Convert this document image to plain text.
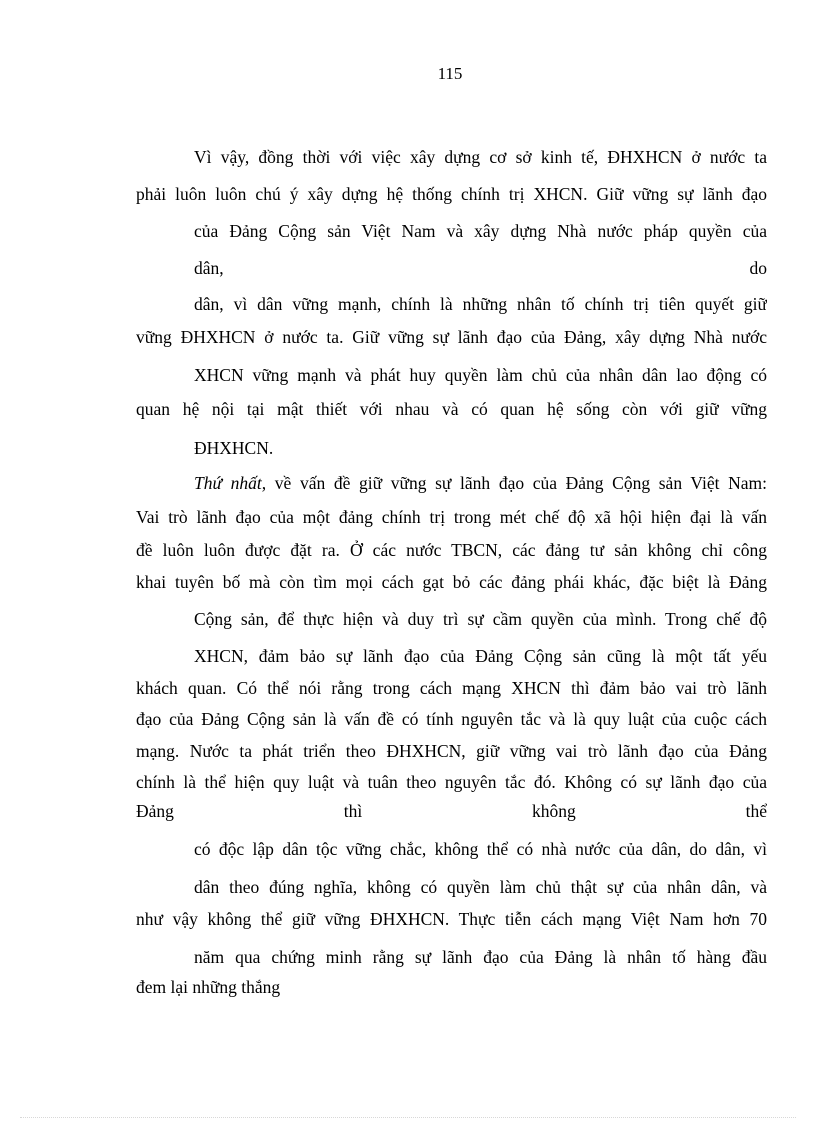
115

Vì vậy, đồng thời với việc xây dựng cơ sở kinh tế, ĐHXHCN ở nước ta

phải luôn luôn chú ý xây dựng hệ thống chính trị XHCN. Giữ vững sự lãnh đạo

của Đảng Cộng sản Việt Nam và xây dựng Nhà nước pháp quyền của

dân,	do

dân, vì dân vững mạnh, chính là những nhân tố chính trị tiên quyết giữ

vững ĐHXHCN ở nước ta. Giữ vững sự lãnh đạo của Đảng, xây dựng Nhà nước

XHCN vững mạnh và phát huy quyền làm chủ của nhân dân lao động có

quan hệ nội tại mật thiết với nhau và có quan hệ sống còn với giữ vững

ĐHXHCN.

Thứ nhất, về vấn đề giữ vững sự lãnh đạo của Đảng Cộng sản Việt Nam:

Vai trò lãnh đạo của một đảng chính trị trong mét chế độ xã hội hiện đại là vấn

đề luôn luôn được đặt ra. Ở các nước TBCN, các đảng tư sản không chỉ công

khai tuyên bố mà còn tìm mọi cách gạt bỏ các đảng phái khác, đặc biệt là Đảng

Cộng sản, để thực hiện và duy trì sự cầm quyền của mình. Trong chế độ

XHCN, đảm bảo sự lãnh đạo của Đảng Cộng sản cũng là một tất yếu

khách quan. Có thể nói rằng trong cách mạng XHCN thì đảm bảo vai trò lãnh

đạo của Đảng Cộng sản là vấn đề có tính nguyên tắc và là quy luật của cuộc cách

mạng. Nước ta phát triển theo ĐHXHCN, giữ vững vai trò lãnh đạo của Đảng

chính là thể hiện quy luật và tuân theo nguyên tắc đó. Không có sự lãnh đạo của

Đảng	thì	không	thể

có độc lập dân tộc vững chắc, không thể có nhà nước của dân, do dân, vì

dân theo đúng nghĩa, không có quyền làm chủ thật sự của nhân dân, và

như vậy không thể giữ vững ĐHXHCN. Thực tiễn cách mạng Việt Nam hơn 70

năm qua chứng minh rằng sự lãnh đạo của Đảng là nhân tố hàng đầu

đem lại những thắng
